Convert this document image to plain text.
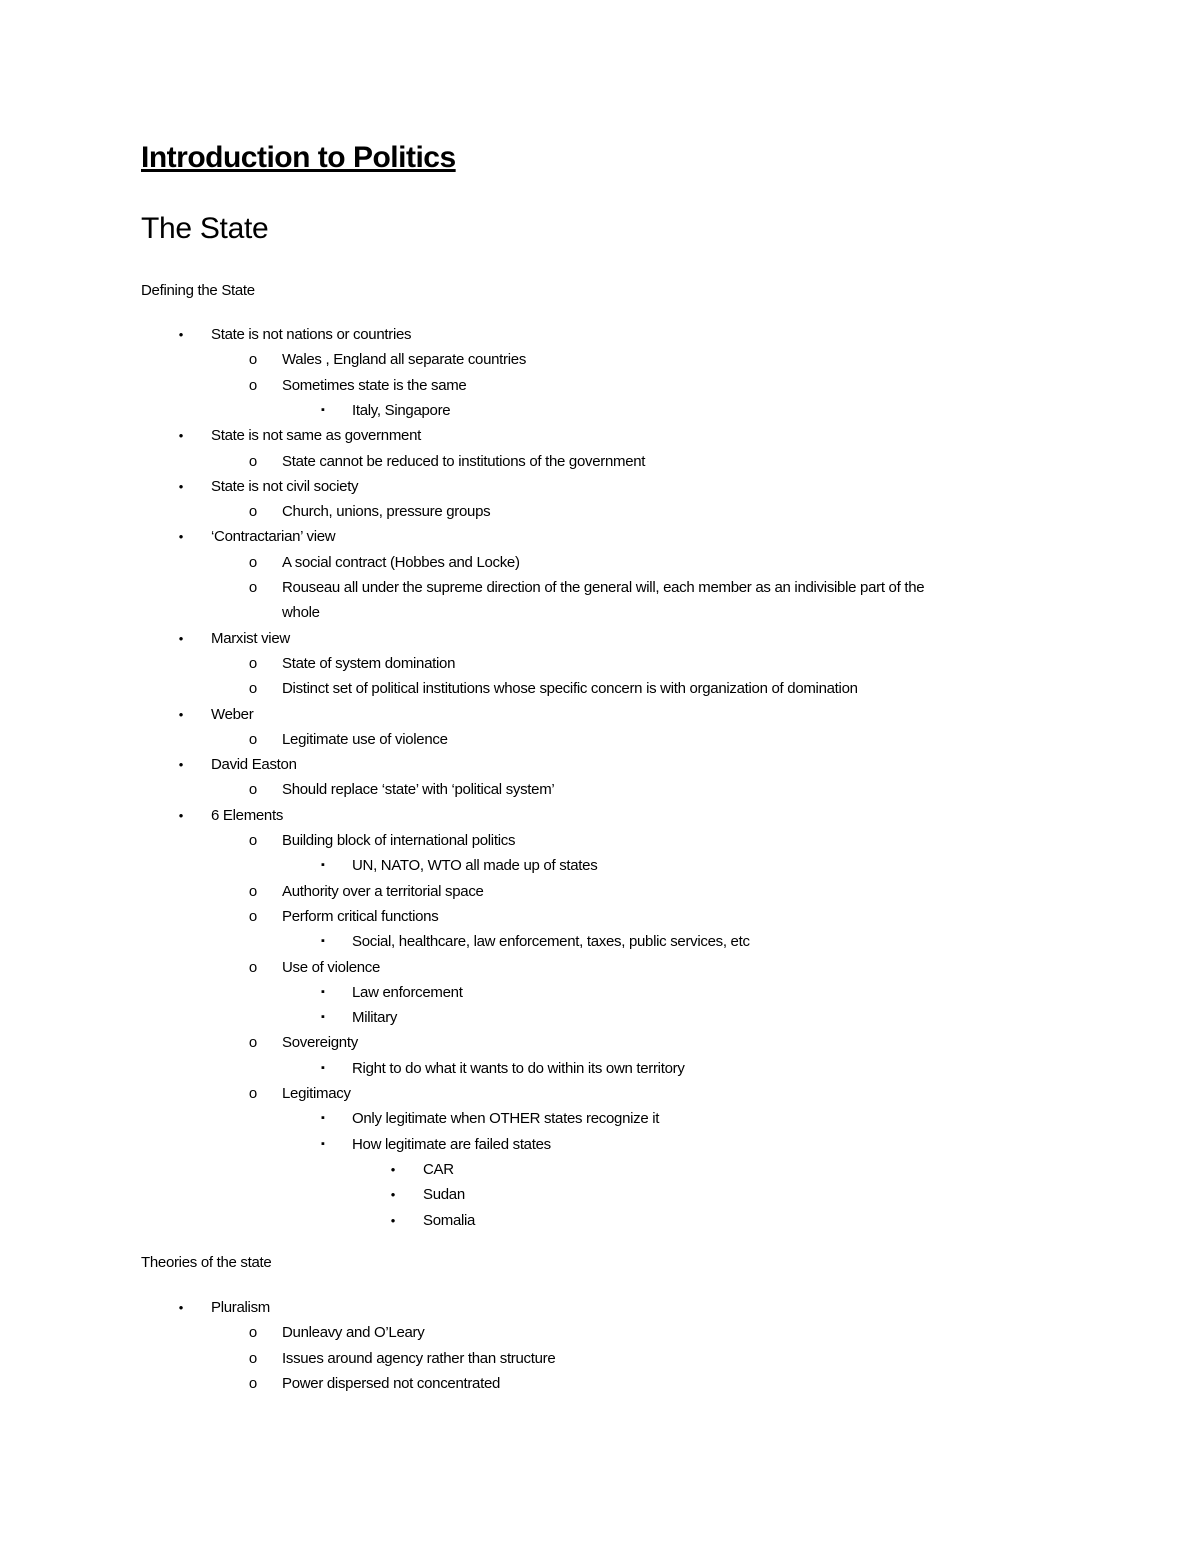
Introduction to Politics
The State

Defining the State

•	State is not nations or countries
o Wales , England all separate countries
o Sometimes state is the same
▪	Italy, Singapore
•	State is not same as government
o State cannot be reduced to institutions of the government
•	State is not civil society
o Church, unions, pressure groups
•	‘Contractarian’ view
o A social contract (Hobbes and Locke)
o Rouseau all under the supreme direction of the general will, each member as an indivisible part of the
whole
•	Marxist view
o State of system domination
o Distinct set of political institutions whose specific concern is with organization of domination
•	Weber
o Legitimate use of violence
•	David Easton
o Should replace ‘state’ with ‘political system’
•	6 Elements
o Building block of international politics
▪	UN, NATO, WTO all made up of states
o Authority over a territorial space
o Perform critical functions
▪	Social, healthcare, law enforcement, taxes, public services, etc
o Use of violence
▪	Law enforcement
▪	Military
o Sovereignty
▪	Right to do what it wants to do within its own territory
o Legitimacy
▪	Only legitimate when OTHER states recognize it
▪	How legitimate are failed states
•	CAR
•	Sudan
•	Somalia

Theories of the state

•	Pluralism
o Dunleavy and O’Leary
o Issues around agency rather than structure
o Power dispersed not concentrated
